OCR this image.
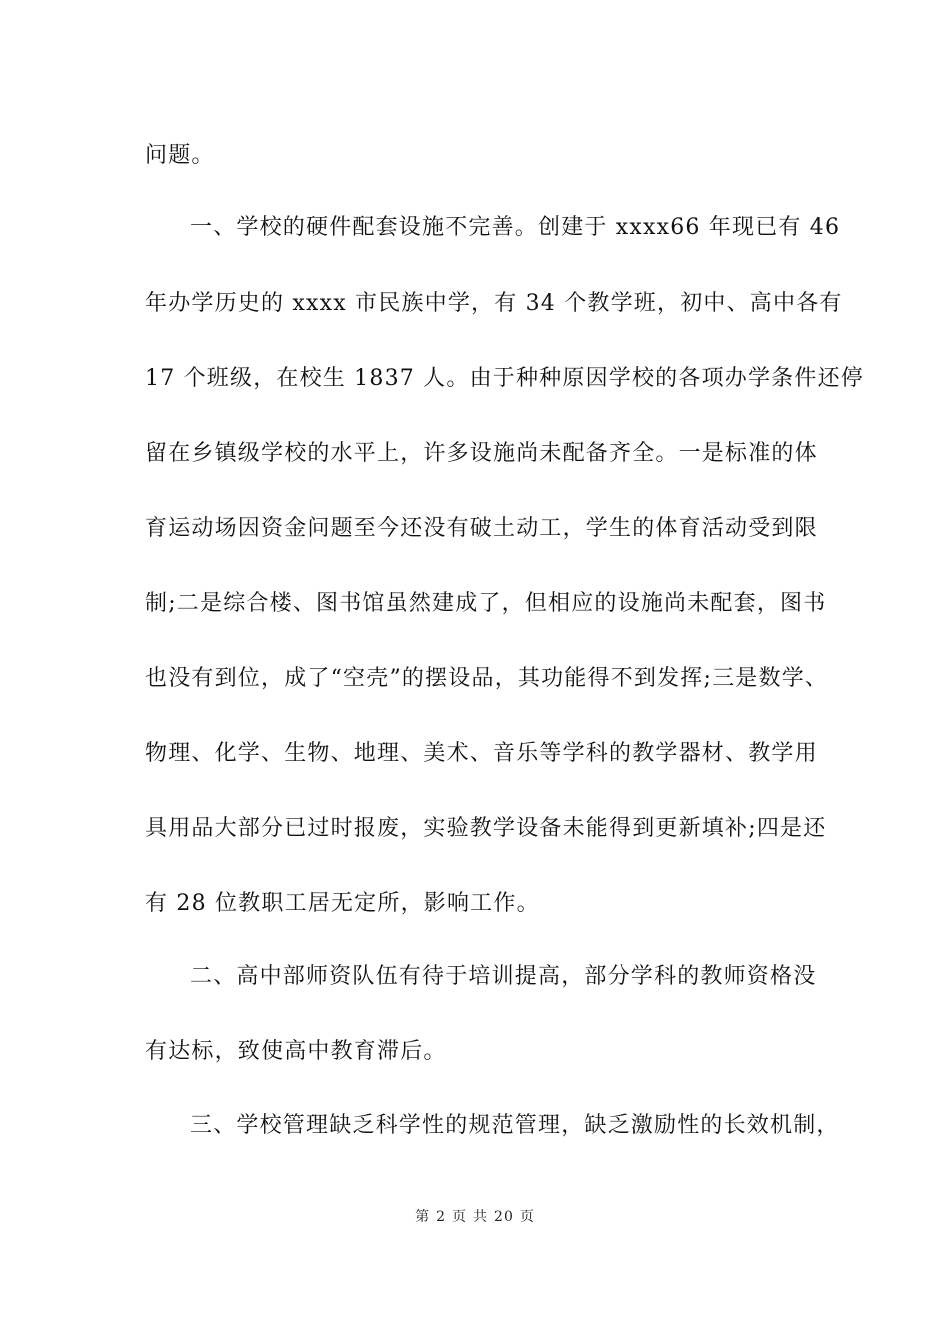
问题。
一、学校的硬件配套设施不完善。创建于 xxxx66 年现已有 46
年办学历史的 xxxx 市民族中学，有 34 个教学班，初中、高中各有
17 个班级，在校生 1837 人。由于种种原因学校的各项办学条件还停
留在乡镇级学校的水平上，许多设施尚未配备齐全。一是标准的体
育运动场因资金问题至今还没有破土动工，学生的体育活动受到限
制;二是综合楼、图书馆虽然建成了，但相应的设施尚未配套，图书
也没有到位，成了“空壳”的摆设品，其功能得不到发挥;三是数学、
物理、化学、生物、地理、美术、音乐等学科的教学器材、教学用
具用品大部分已过时报废，实验教学设备未能得到更新填补;四是还
有 28 位教职工居无定所，影响工作。
二、高中部师资队伍有待于培训提高，部分学科的教师资格没
有达标，致使高中教育滞后。
三、学校管理缺乏科学性的规范管理，缺乏激励性的长效机制，
第 2 页 共 20 页
